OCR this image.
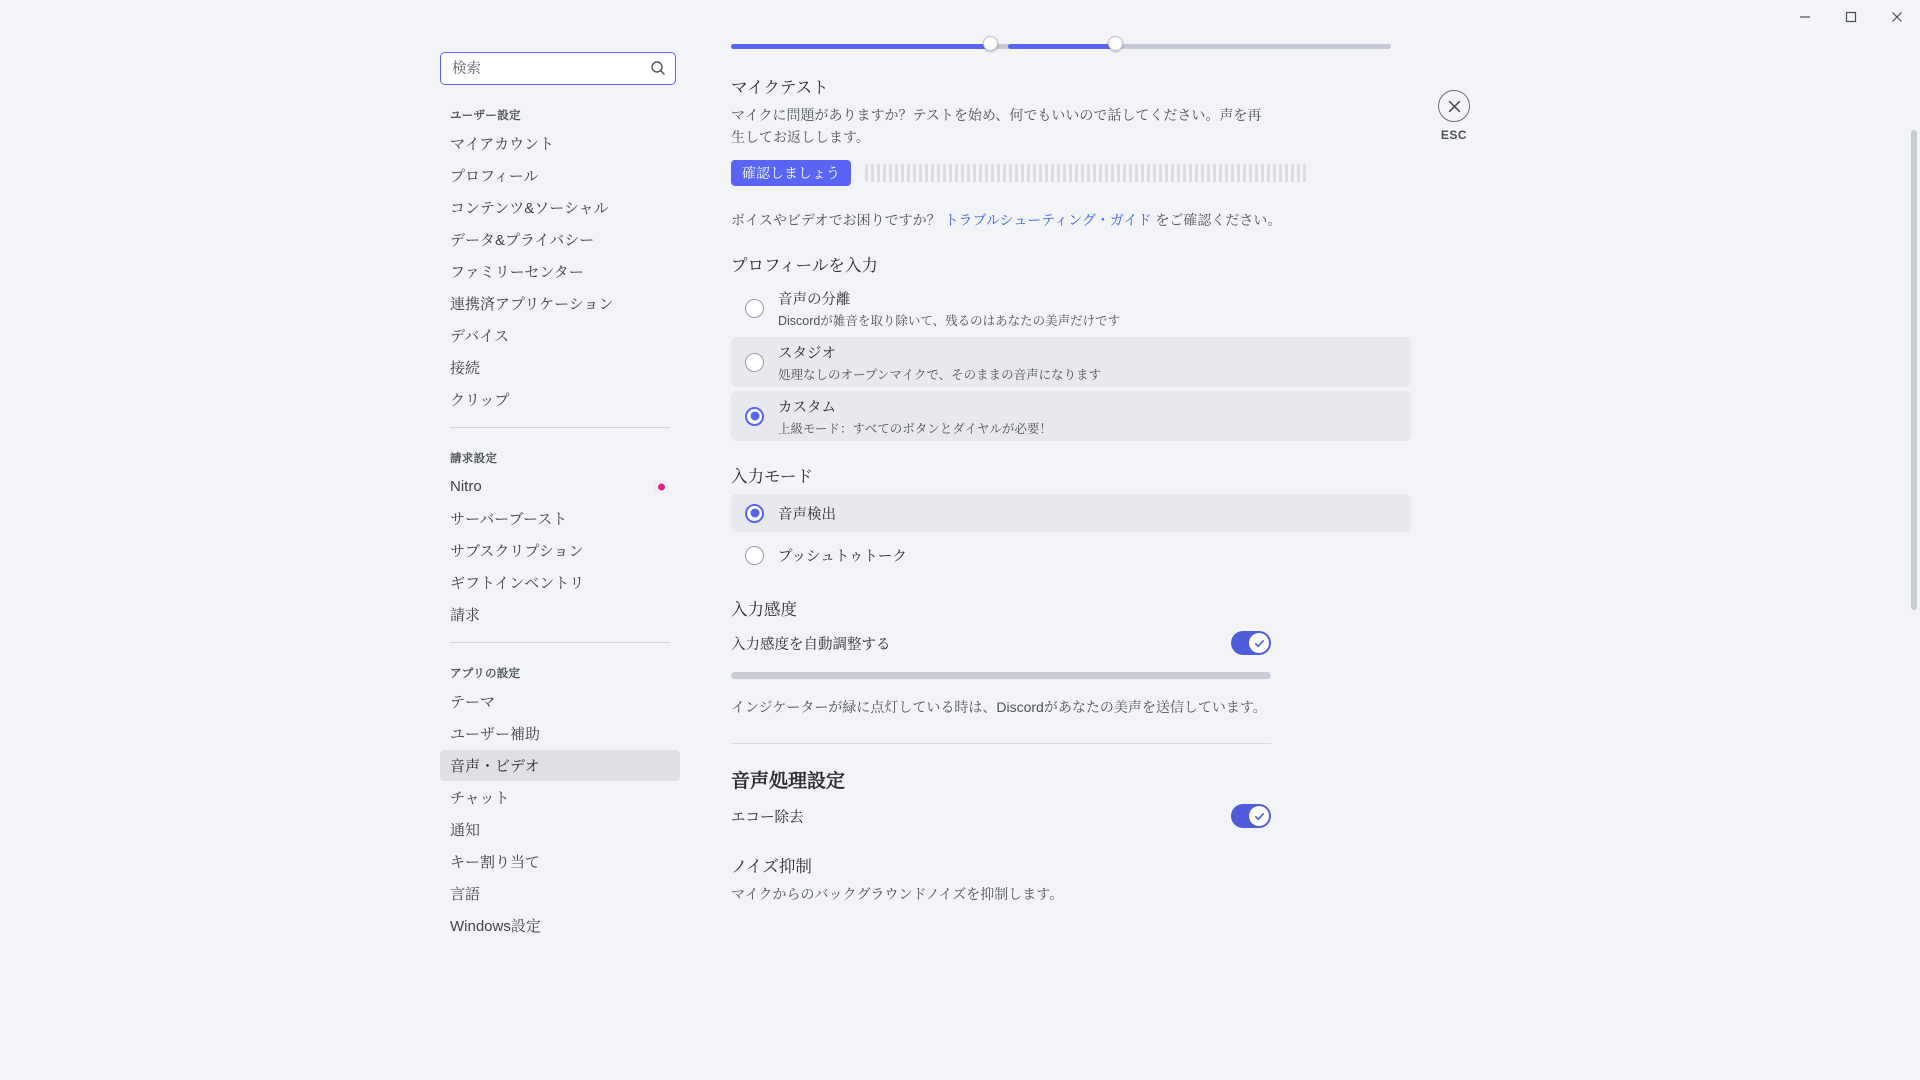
検索
ユーザー設定
マイアカウント
プロフィール
コンテンツ&ソーシャル
データ&プライバシー
ファミリーセンター
連携済アプリケーション
デバイス
接続
クリップ
請求設定
Nitro
サーバーブースト
サブスクリプション
ギフトインベントリ
請求
アプリの設定
テーマ
ユーザー補助
音声・ビデオ
チャット
通知
キー割り当て
言語
Windows設定
マイクテスト
マイクに問題がありますか？テストを始め、何でもいいので話してください。声を再生してお返しします。
確認しましょう
ボイスやビデオでお困りですか？ トラブルシューティング・ガイド をご確認ください。
プロフィールを入力
音声の分離
Discordが雑音を取り除いて、残るのはあなたの美声だけです
スタジオ
処理なしのオープンマイクで、そのままの音声になります
カスタム
上級モード：すべてのボタンとダイヤルが必要！
入力モード
音声検出
プッシュトゥトーク
入力感度
入力感度を自動調整する
インジケーターが緑に点灯している時は、Discordがあなたの美声を送信しています。
音声処理設定
エコー除去
ノイズ抑制
マイクからのバックグラウンドノイズを抑制します。
ESC
